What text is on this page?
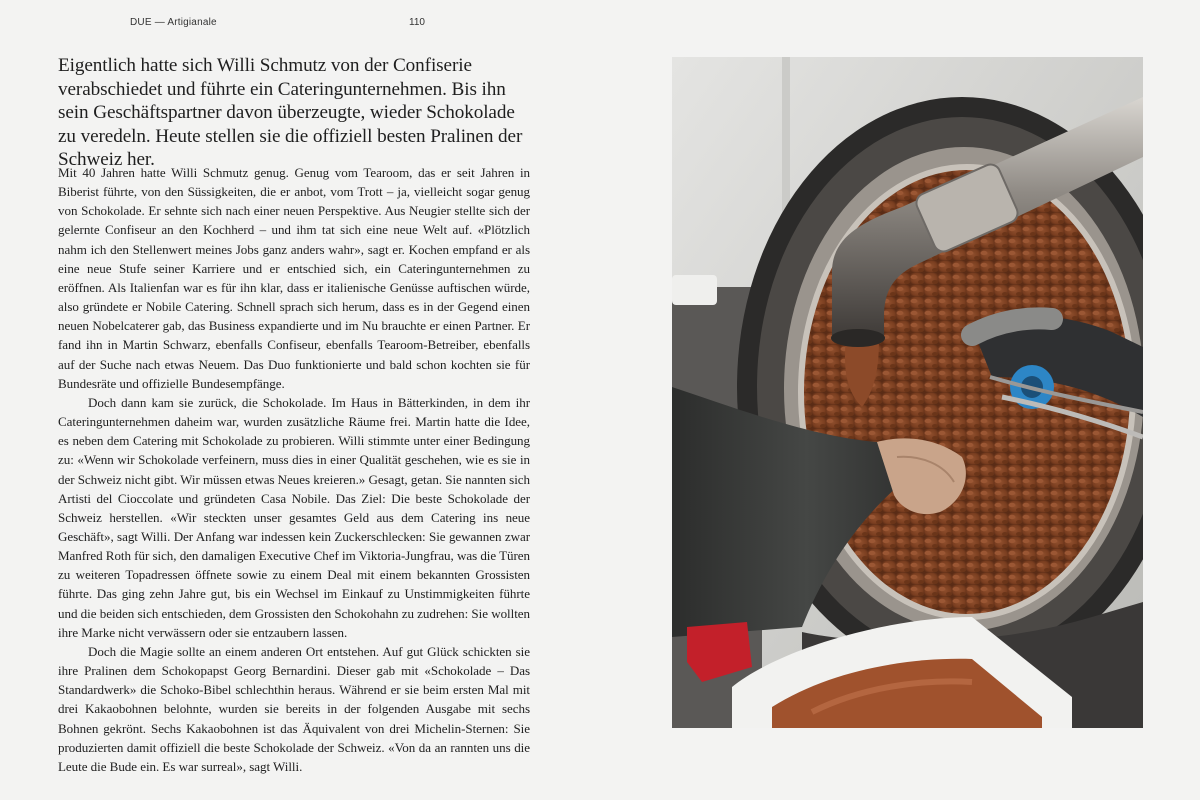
DUE — Artigianale	110

Eigentlich hatte sich Willi Schmutz von der Confiserie verabschiedet und führte ein Cateringunternehmen. Bis ihn sein Geschäftspartner davon überzeugte, wieder Schokolade zu veredeln. Heute stellen sie die offiziell besten Pralinen der Schweiz her.

Mit 40 Jahren hatte Willi Schmutz genug. Genug vom Tearoom, das er seit Jahren in Biberist führte, von den Süssigkeiten, die er anbot, vom Trott – ja, vielleicht sogar genug von Schokolade. Er sehnte sich nach einer neuen Perspektive. Aus Neugier stellte sich der gelernte Confiseur an den Kochherd – und ihm tat sich eine neue Welt auf. «Plötzlich nahm ich den Stellenwert meines Jobs ganz anders wahr», sagt er. Kochen empfand er als eine neue Stufe seiner Karriere und er entschied sich, ein Cateringunternehmen zu eröffnen. Als Italienfan war es für ihn klar, dass er italienische Genüsse auftischen würde, also gründete er Nobile Catering. Schnell sprach sich herum, dass es in der Gegend einen neuen Nobelcaterer gab, das Business expandierte und im Nu brauchte er einen Partner. Er fand ihn in Martin Schwarz, ebenfalls Confiseur, ebenfalls Tearoom-Betreiber, ebenfalls auf der Suche nach etwas Neuem. Das Duo funktionierte und bald schon kochten sie für Bundesräte und offizielle Bundesempfänge.

Doch dann kam sie zurück, die Schokolade. Im Haus in Bätterkinden, in dem ihr Cateringunternehmen daheim war, wurden zusätzliche Räume frei. Martin hatte die Idee, es neben dem Catering mit Schokolade zu probieren. Willi stimmte unter einer Bedingung zu: «Wenn wir Schokolade verfeinern, muss dies in einer Qualität geschehen, wie es sie in der Schweiz nicht gibt. Wir müssen etwas Neues kreieren.» Gesagt, getan. Sie nannten sich Artisti del Cioccolate und gründeten Casa Nobile. Das Ziel: Die beste Schokolade der Schweiz herstellen. «Wir steckten unser gesamtes Geld aus dem Catering ins neue Geschäft», sagt Willi. Der Anfang war indessen kein Zuckerschlecken: Sie gewannen zwar Manfred Roth für sich, den damaligen Executive Chef im Viktoria-Jungfrau, was die Türen zu weiteren Topadressen öffnete sowie zu einem Deal mit einem bekannten Grossisten führte. Das ging zehn Jahre gut, bis ein Wechsel im Einkauf zu Unstimmigkeiten führte und die beiden sich entschieden, dem Grossisten den Schokohahn zu zudrehen: Sie wollten ihre Marke nicht verwässern oder sie entzaubern lassen.

Doch die Magie sollte an einem anderen Ort entstehen. Auf gut Glück schickten sie ihre Pralinen dem Schokopapst Georg Bernardini. Dieser gab mit «Schokolade – Das Standardwerk» die Schoko-Bibel schlechthin heraus. Während er sie beim ersten Mal mit drei Kakaobohnen belohnte, wurden sie bereits in der folgenden Ausgabe mit sechs Bohnen gekrönt. Sechs Kakaobohnen ist das Äquivalent von drei Michelin-Sternen: Sie produzierten damit offiziell die beste Schokolade der Schweiz. «Von da an rannten uns die Leute die Bude ein. Es war surreal», sagt Willi.
